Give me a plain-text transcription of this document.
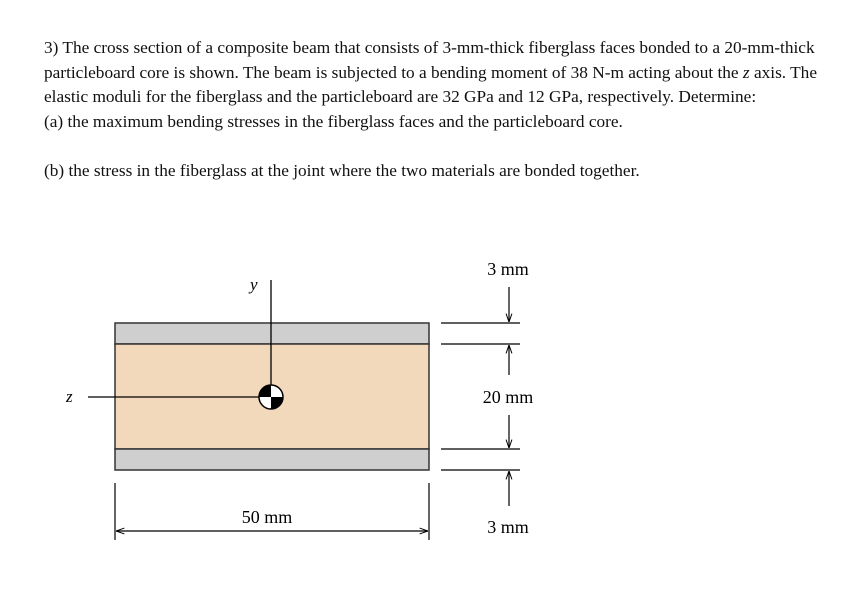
3) The cross section of a composite beam that consists of 3-mm-thick fiberglass faces bonded to a 20-mm-thick particleboard core is shown. The beam is subjected to a bending moment of 38 N-m acting about the z axis. The elastic moduli for the fiberglass and the particleboard are 32 GPa and 12 GPa, respectively. Determine:

(a) the maximum bending stresses in the fiberglass faces and the particleboard core.

(b) the stress in the fiberglass at the joint where the two materials are bonded together.

y
z
3 mm
20 mm
3 mm
50 mm
